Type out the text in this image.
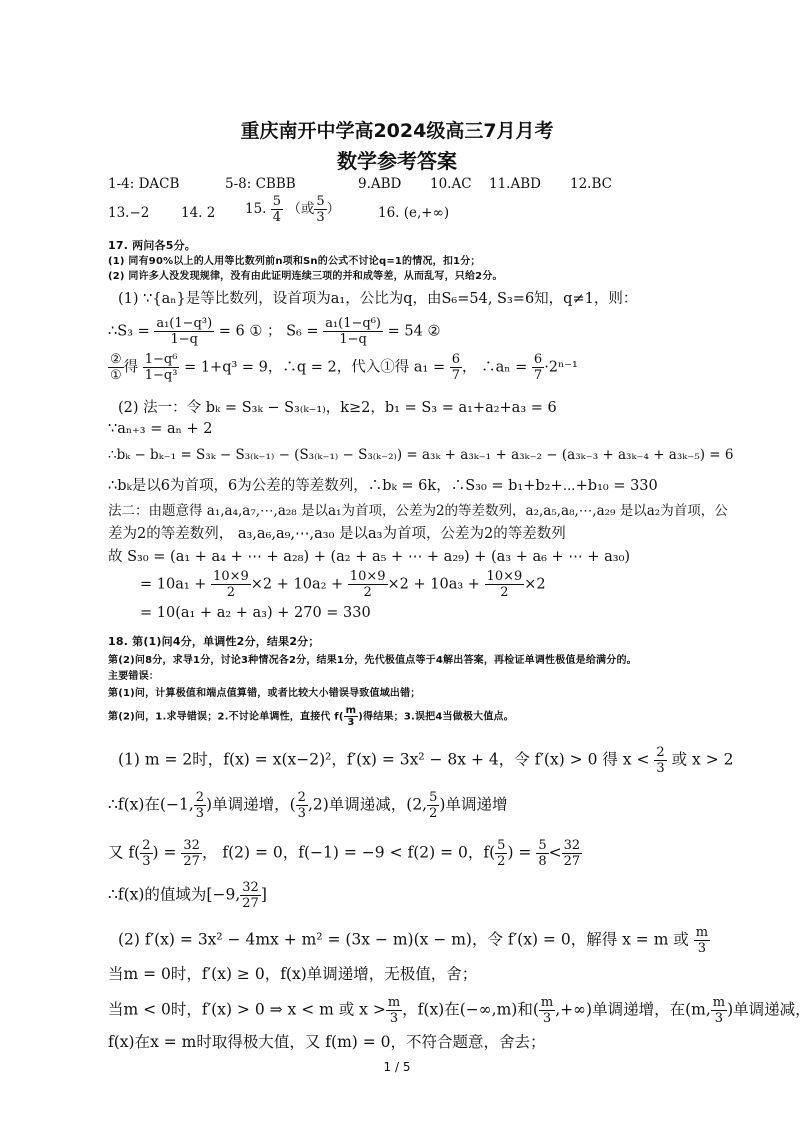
重庆南开中学高2024级高三7月月考
数学参考答案
1-4: DACB	5-8: CBBB	9.ABD 10.AC 11.ABD 12.BC
13.−2 14. 2 15. $\frac{5}{4}$ （或 $\frac{5}{3}$ ）	16. (e,+∞)
17. 两问各5分。
(1) 同有90%以上的人用等比数列前n项和Sn的公式不讨论q=1的情况，扣1分；
(2) 同许多人没发现规律，没有由此证明连续三项的并和成等差，从而乱写，只给2分。
(1) ∵{aₙ}是等比数列，设首项为a₁，公比为q，由S₆=54, S₃=6知，q≠1，则：
∴S₃ = $\frac{\text{a₁(1−q³)}}{1-q} = 6$ ① ； $S_6 = \frac{\text{a₁(1−q⁶)}}{1-q} = 54$ ②
$\frac{\text{②}}{\text{①}}$ 得 $\frac{\text{1−q⁶}}{\text{1−q³}} = 1+q^3 = 9$，∴q = 2，代入①得 $a_1 = \frac{6}{7}$ ， ∴aₙ = $\frac{6}{7} \cdot 2^{n-1}$
(2) 法一：令 bₖ = S₃ₖ − S₃₍ₖ₋₁₎，k≥2，b₁ = S₃ = a₁+a₂+a₃ = 6
∵aₙ₊₃ = aₙ + 2
∴bₖ − bₖ₋₁ = S₃ₖ − S₃₍ₖ₋₁₎ − (S₃₍ₖ₋₁₎ − S₃₍ₖ₋₂₎) = a₃ₖ + a₃ₖ₋₁ + a₃ₖ₋₂ − (a₃ₖ₋₃ + a₃ₖ₋₄ + a₃ₖ₋₅) = 6
∴bₖ是以6为首项，6为公差的等差数列，∴bₖ = 6k，∴S₃₀ = b₁+b₂+⋯+b₁₀ = 330
法二：由题意得 a₁,a₄,a₇,⋯,a₂₈ 是以a₁为首项，公差为2的等差数列，a₂,a₅,a₈,⋯,a₂₉ 是以a₂为首项，公
差为2的等差数列， a₃,a₆,a₉,⋯,a₃₀ 是以a₃为首项，公差为2的等差数列
故 S₃₀ = (a₁ + a₄ + ⋯ + a₂₈) + (a₂ + a₅ + ⋯ + a₂₉) + (a₃ + a₆ + ⋯ + a₃₀)
= $10a_1 + \frac{10\times 9}{2} \times 2 + 10a_2 + \frac{10\times 9}{2} \times 2 + 10a_3 + \frac{10\times 9}{2} \times 2$
= 10(a₁ + a₂ + a₃) + 270 = 330
18. 第(1)问4分，单调性2分，结果2分；
第(2)问8分，求导1分，讨论3种情况各2分，结果1分，先代极值点等于4解出答案，再检证单调性极值是给满分的。
主要错误：
第(1)问，计算极值和端点值算错，或者比较大小错误导致值域出错；
第(2)问，1.求导错误；2.不讨论单调性，直接代 $f( \frac{m}{3}$ )得结果；3.误把4当做极大值点。
(1) m = 2时，f(x) = x(x−2)²，f′(x) = 3x² − 8x + 4，令 f′(x) > 0 得 $x < \frac{2}{3}$ 或 x > 2
∴f(x)在(−1, $\frac{2}{3}$ )单调递增，( $\frac{2}{3} ,2$)单调递减，(2, $\frac{5}{2}$ )单调递增
又 $f( \frac{2}{3}$ ) = $\frac{32}{27}$ ， f(2) = 0，f(−1) = −9 < f(2) = 0，$f( \frac{5}{2}$ ) = $\frac{5}{8} < \frac{32}{27}$
∴f(x)的值域为[−9, $\frac{32}{27}$ ]
(2) f′(x) = 3x² − 4mx + m² = (3x − m)(x − m)，令 f′(x) = 0，解得 x = m 或 $\frac{m}{3}$
当m = 0时，f′(x) ≥ 0，f(x)单调递增，无极值，舍；
当m < 0时，f′(x) > 0 ⇒ x < m 或 $x > \frac{m}{3}$ ，f(x)在(−∞,m)和( $\frac{m}{3}$ ,+∞)单调递增，在(m, $\frac{m}{3}$ )单调递减，
f(x)在x = m时取得极大值，又 f(m) = 0，不符合题意，舍去；
1 / 5
